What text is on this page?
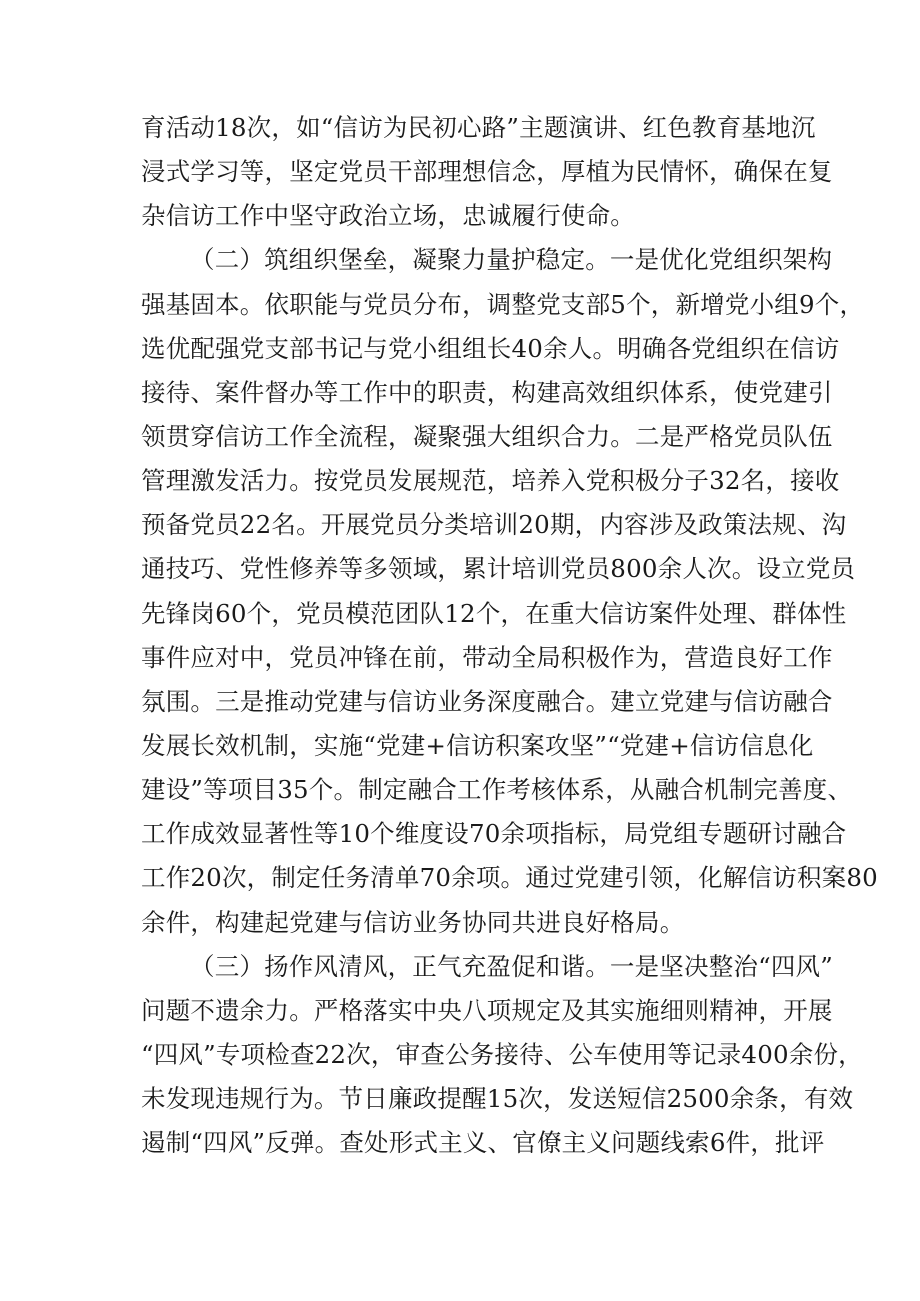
育活动18次，如“信访为民初心路”主题演讲、红色教育基地沉
浸式学习等，坚定党员干部理想信念，厚植为民情怀，确保在复
杂信访工作中坚守政治立场，忠诚履行使命。
（二）筑组织堡垒，凝聚力量护稳定。一是优化党组织架构
强基固本。依职能与党员分布，调整党支部5个，新增党小组9个，
选优配强党支部书记与党小组组长40余人。明确各党组织在信访
接待、案件督办等工作中的职责，构建高效组织体系，使党建引
领贯穿信访工作全流程，凝聚强大组织合力。二是严格党员队伍
管理激发活力。按党员发展规范，培养入党积极分子32名，接收
预备党员22名。开展党员分类培训20期，内容涉及政策法规、沟
通技巧、党性修养等多领域，累计培训党员800余人次。设立党员
先锋岗60个，党员模范团队12个，在重大信访案件处理、群体性
事件应对中，党员冲锋在前，带动全局积极作为，营造良好工作
氛围。三是推动党建与信访业务深度融合。建立党建与信访融合
发展长效机制，实施“党建+信访积案攻坚”“党建+信访信息化
建设”等项目35个。制定融合工作考核体系，从融合机制完善度、
工作成效显著性等10个维度设70余项指标，局党组专题研讨融合
工作20次，制定任务清单70余项。通过党建引领，化解信访积案80
余件，构建起党建与信访业务协同共进良好格局。
（三）扬作风清风，正气充盈促和谐。一是坚决整治“四风”
问题不遗余力。严格落实中央八项规定及其实施细则精神，开展
“四风”专项检查22次，审查公务接待、公车使用等记录400余份，
未发现违规行为。节日廉政提醒15次，发送短信2500余条，有效
遏制“四风”反弹。查处形式主义、官僚主义问题线索6件，批评
